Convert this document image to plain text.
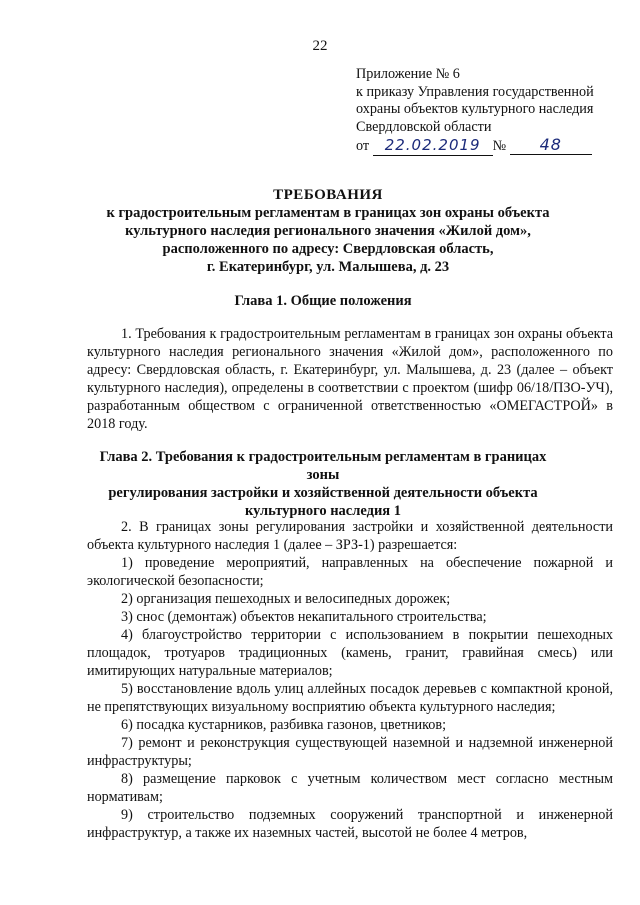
22
Приложение № 6
к приказу Управления государственной
охраны объектов культурного наследия
Свердловской области
от 22.02.2019 № 48
ТРЕБОВАНИЯ
к градостроительным регламентам в границах зон охраны объекта
культурного наследия регионального значения «Жилой дом»,
расположенного по адресу: Свердловская область,
г. Екатеринбург, ул. Малышева, д. 23
Глава 1. Общие положения

1. Требования к градостроительным регламентам в границах зон охраны объекта культурного наследия регионального значения «Жилой дом», расположенного по адресу: Свердловская область, г. Екатеринбург, ул. Малышева, д. 23 (далее – объект культурного наследия), определены в соответствии с проектом (шифр 06/18/ПЗО-УЧ), разработанным обществом с ограниченной ответственностью «ОМЕГАСТРОЙ» в 2018 году.

Глава 2. Требования к градостроительным регламентам в границах зоны
регулирования застройки и хозяйственной деятельности объекта
культурного наследия 1

2. В границах зоны регулирования застройки и хозяйственной деятельности объекта культурного наследия 1 (далее – ЗРЗ-1) разрешается:

1) проведение мероприятий, направленных на обеспечение пожарной и экологической безопасности;

2) организация пешеходных и велосипедных дорожек;

3) снос (демонтаж) объектов некапитального строительства;

4) благоустройство территории с использованием в покрытии пешеходных площадок, тротуаров традиционных (камень, гранит, гравийная смесь) или имитирующих натуральные материалов;

5) восстановление вдоль улиц аллейных посадок деревьев с компактной кроной, не препятствующих визуальному восприятию объекта культурного наследия;

6) посадка кустарников, разбивка газонов, цветников;

7) ремонт и реконструкция существующей наземной и надземной инженерной инфраструктуры;

8) размещение парковок с учетным количеством мест согласно местным нормативам;

9) строительство подземных сооружений транспортной и инженерной инфраструктур, а также их наземных частей, высотой не более 4 метров,
